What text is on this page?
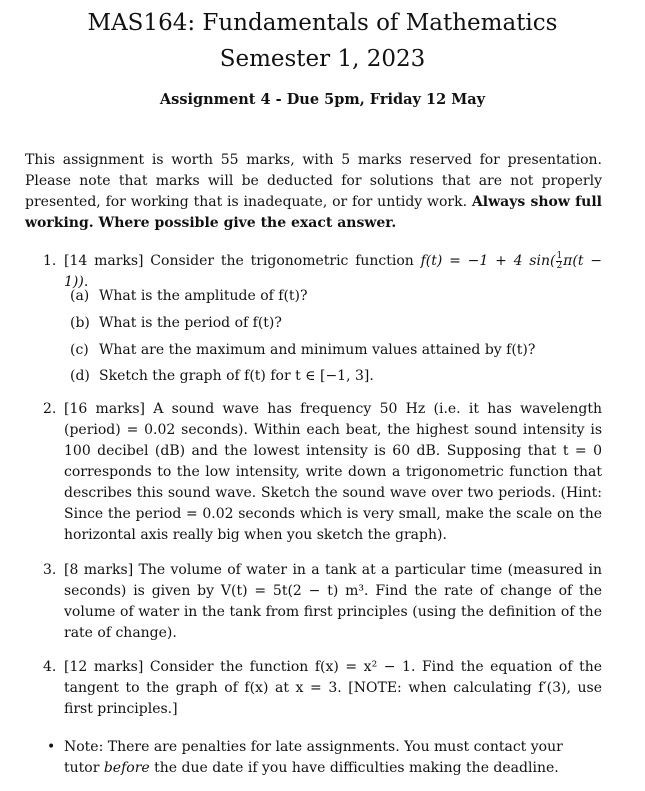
MAS164: Fundamentals of Mathematics
Semester 1, 2023
Assignment 4 - Due 5pm, Friday 12 May
This assignment is worth 55 marks, with 5 marks reserved for presentation. Please note that marks will be deducted for solutions that are not properly presented, for working that is inadequate, or for untidy work. Always show full working. Where possible give the exact answer.
1. [14 marks] Consider the trigonometric function f(t) = −1 + 4 $\sin( \frac{1}{2} \pi(t - 1))$.
(a) What is the amplitude of f(t)?
(b) What is the period of f(t)?
(c) What are the maximum and minimum values attained by f(t)?
(d) Sketch the graph of f(t) for t ∈ [−1, 3].
2. [16 marks] A sound wave has frequency 50 Hz (i.e. it has wavelength (period) = 0.02 seconds). Within each beat, the highest sound intensity is 100 decibel (dB) and the lowest intensity is 60 dB. Supposing that t = 0 corresponds to the low intensity, write down a trigonometric function that describes this sound wave. Sketch the sound wave over two periods. (Hint: Since the period = 0.02 seconds which is very small, make the scale on the horizontal axis really big when you sketch the graph).
3. [8 marks] The volume of water in a tank at a particular time (measured in seconds) is given by V(t) = 5t(2 − t) m³. Find the rate of change of the volume of water in the tank from first principles (using the definition of the rate of change).
4. [12 marks] Consider the function f(x) = x² − 1. Find the equation of the tangent to the graph of f(x) at x = 3. [NOTE: when calculating f′(3), use first principles.]
• Note: There are penalties for late assignments. You must contact your tutor before the due date if you have difficulties making the deadline.
